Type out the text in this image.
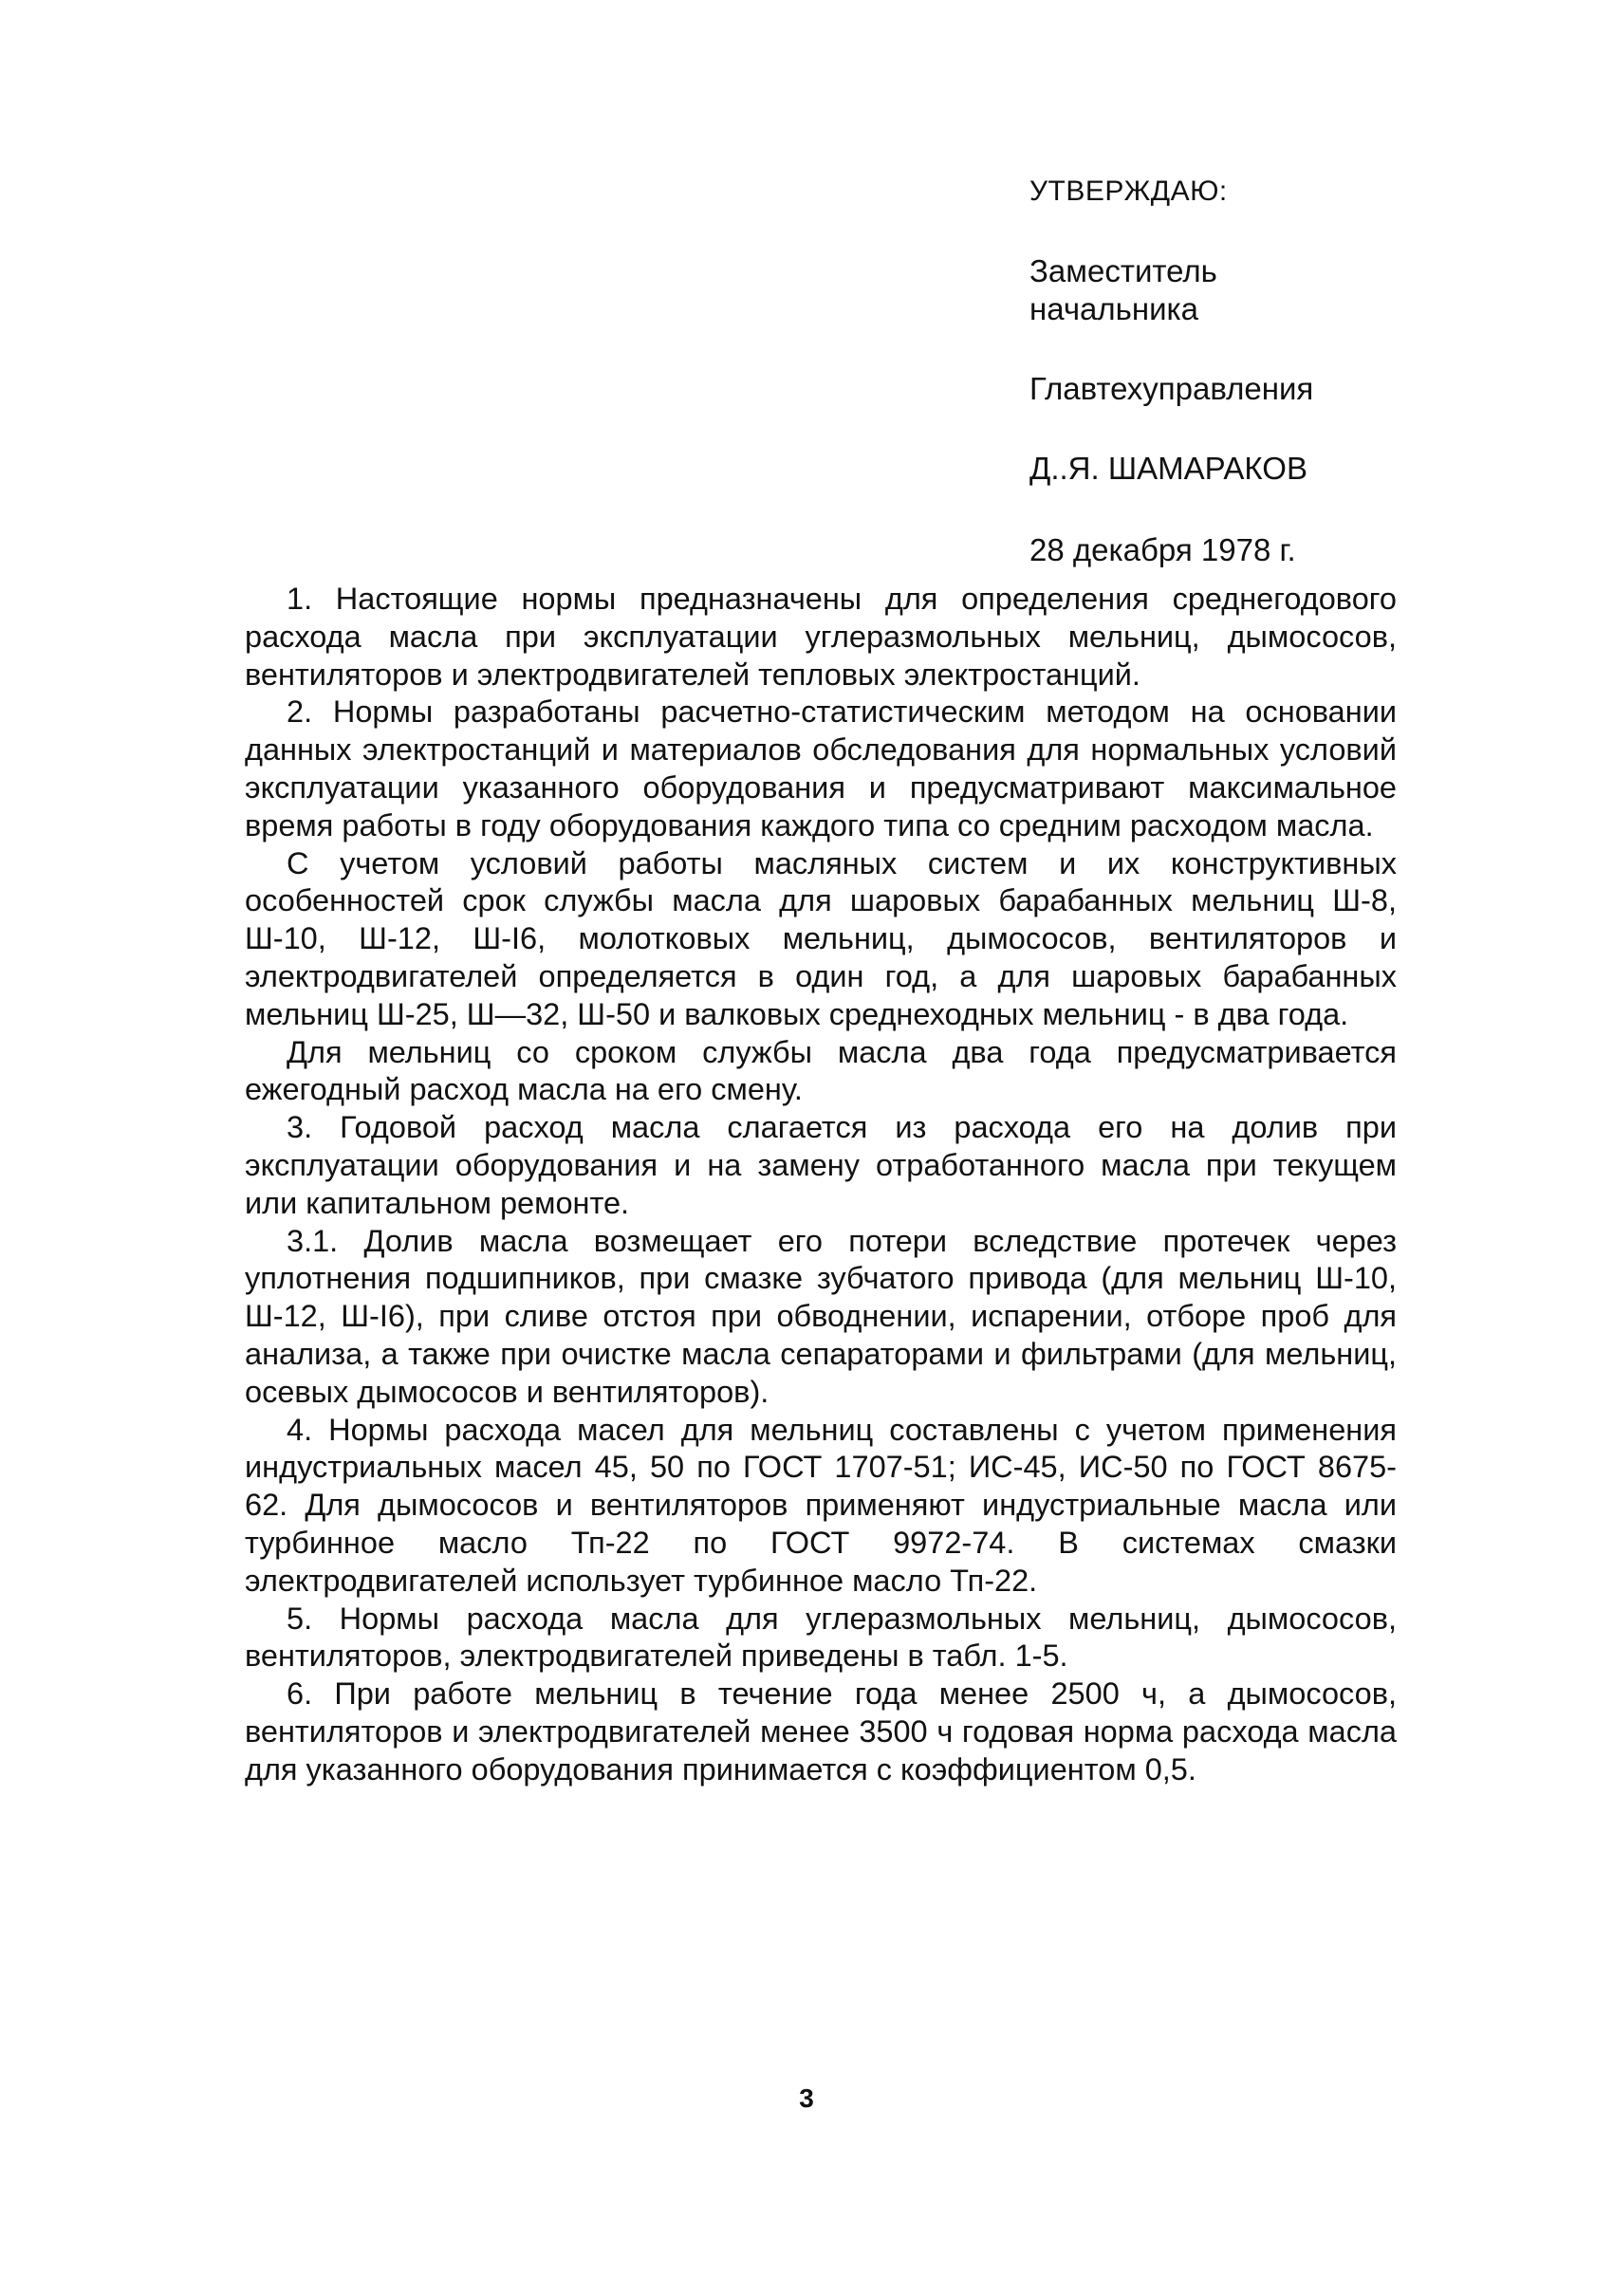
УТВЕРЖДАЮ:
Заместитель
начальника
Главтехуправления
Д..Я. ШАМАРАКОВ
28 декабря 1978 г.

1. Настоящие нормы предназначены для определения среднегодового расхода масла при эксплуатации углеразмольных мельниц, дымососов, вентиляторов и электродвигателей тепловых электростанций.

2. Нормы разработаны расчетно-статистическим методом на основании данных электростанций и материалов обследования для нормальных условий эксплуатации указанного оборудования и предусматривают максимальное время работы в году оборудования каждого типа со средним расходом масла.

С учетом условий работы масляных систем и их конструктивных особенностей срок службы масла для шаровых барабанных мельниц Ш-8, Ш-10, Ш-12, Ш-I6, молотковых мельниц, дымососов, вентиляторов и электродвигателей определяется в один год, а для шаровых барабанных мельниц Ш-25, Ш—32, Ш-50 и валковых среднеходных мельниц - в два года.

Для мельниц со сроком службы масла два года предусматривается ежегодный расход масла на его смену.

3. Годовой расход масла слагается из расхода его на долив при эксплуатации оборудования и на замену отработанного масла при текущем или капитальном ремонте.

3.1. Долив масла возмещает его потери вследствие протечек через уплотнения подшипников, при смазке зубчатого привода (для мельниц Ш-10, Ш-12, Ш-I6), при сливе отстоя при обводнении, испарении, отборе проб для анализа, а также при очистке масла сепараторами и фильтрами (для мельниц, осевых дымососов и вентиляторов).

4. Нормы расхода масел для мельниц составлены с учетом применения индустриальных масел 45, 50 по ГОСТ 1707-51; ИС-45, ИС-50 по ГОСТ 8675-62. Для дымососов и вентиляторов применяют индустриальные масла или турбинное масло Тп-22 по ГОСТ 9972-74. В системах смазки электродвигателей использует турбинное масло Тп-22.

5. Нормы расхода масла для углеразмольных мельниц, дымососов, вентиляторов, электродвигателей приведены в табл. 1-5.

6. При работе мельниц в течение года менее 2500 ч, а дымососов, вентиляторов и электродвигателей менее 3500 ч годовая норма расхода масла для указанного оборудования принимается с коэффициентом 0,5.

3
